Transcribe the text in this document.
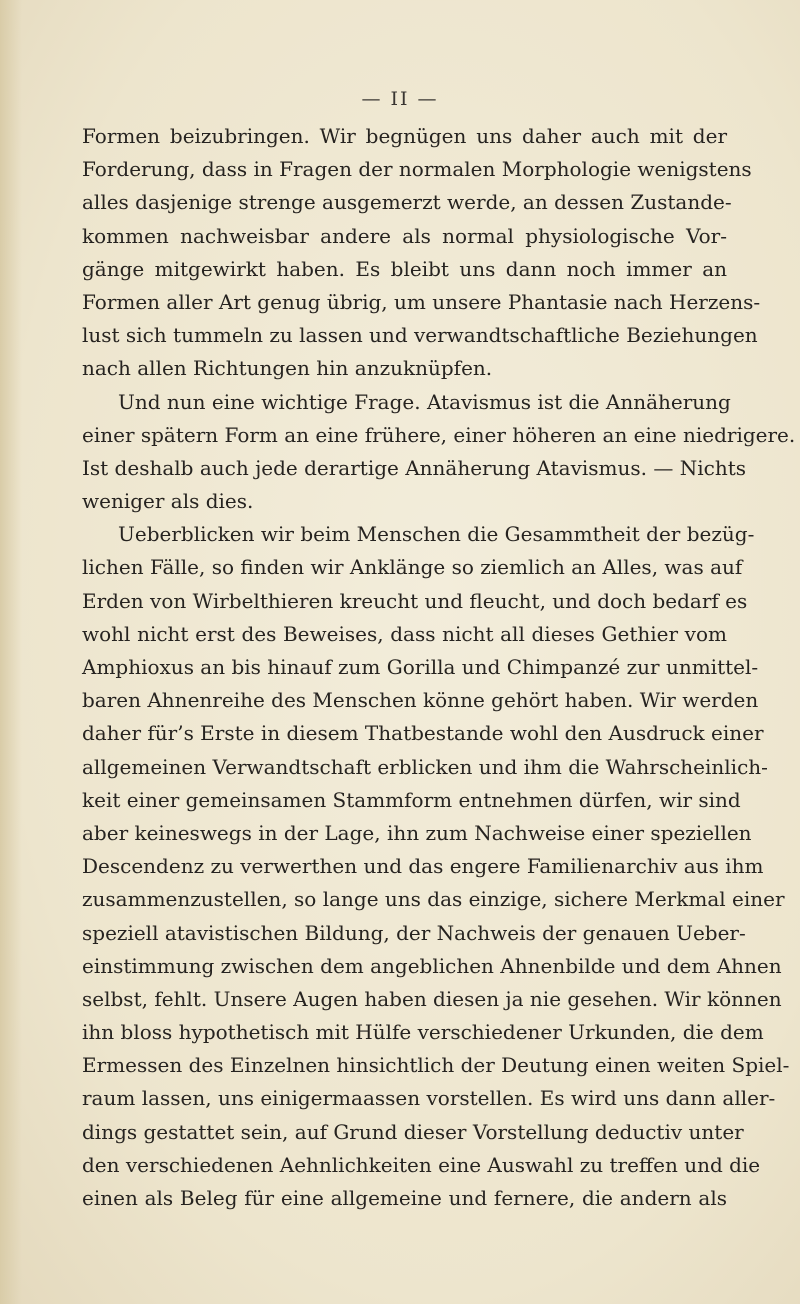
— II —
Formen beizubringen. Wir begnügen uns daher auch mit der
Forderung, dass in Fragen der normalen Morphologie wenigstens
alles dasjenige strenge ausgemerzt werde, an dessen Zustande-
kommen nachweisbar andere als normal physiologische Vor-
gänge mitgewirkt haben. Es bleibt uns dann noch immer an
Formen aller Art genug übrig, um unsere Phantasie nach Herzens-
lust sich tummeln zu lassen und verwandtschaftliche Beziehungen
nach allen Richtungen hin anzuknüpfen.
Und nun eine wichtige Frage. Atavismus ist die Annäherung
einer spätern Form an eine frühere, einer höheren an eine niedrigere.
Ist deshalb auch jede derartige Annäherung Atavismus. — Nichts
weniger als dies.
Ueberblicken wir beim Menschen die Gesammtheit der bezüg-
lichen Fälle, so finden wir Anklänge so ziemlich an Alles, was auf
Erden von Wirbelthieren kreucht und fleucht, und doch bedarf es
wohl nicht erst des Beweises, dass nicht all dieses Gethier vom
Amphioxus an bis hinauf zum Gorilla und Chimpanzé zur unmittel-
baren Ahnenreihe des Menschen könne gehört haben. Wir werden
daher für’s Erste in diesem Thatbestande wohl den Ausdruck einer
allgemeinen Verwandtschaft erblicken und ihm die Wahrscheinlich-
keit einer gemeinsamen Stammform entnehmen dürfen, wir sind
aber keineswegs in der Lage, ihn zum Nachweise einer speziellen
Descendenz zu verwerthen und das engere Familienarchiv aus ihm
zusammenzustellen, so lange uns das einzige, sichere Merkmal einer
speziell atavistischen Bildung, der Nachweis der genauen Ueber-
einstimmung zwischen dem angeblichen Ahnenbilde und dem Ahnen
selbst, fehlt. Unsere Augen haben diesen ja nie gesehen. Wir können
ihn bloss hypothetisch mit Hülfe verschiedener Urkunden, die dem
Ermessen des Einzelnen hinsichtlich der Deutung einen weiten Spiel-
raum lassen, uns einigermaassen vorstellen. Es wird uns dann aller-
dings gestattet sein, auf Grund dieser Vorstellung deductiv unter
den verschiedenen Aehnlichkeiten eine Auswahl zu treffen und die
einen als Beleg für eine allgemeine und fernere, die andern als
